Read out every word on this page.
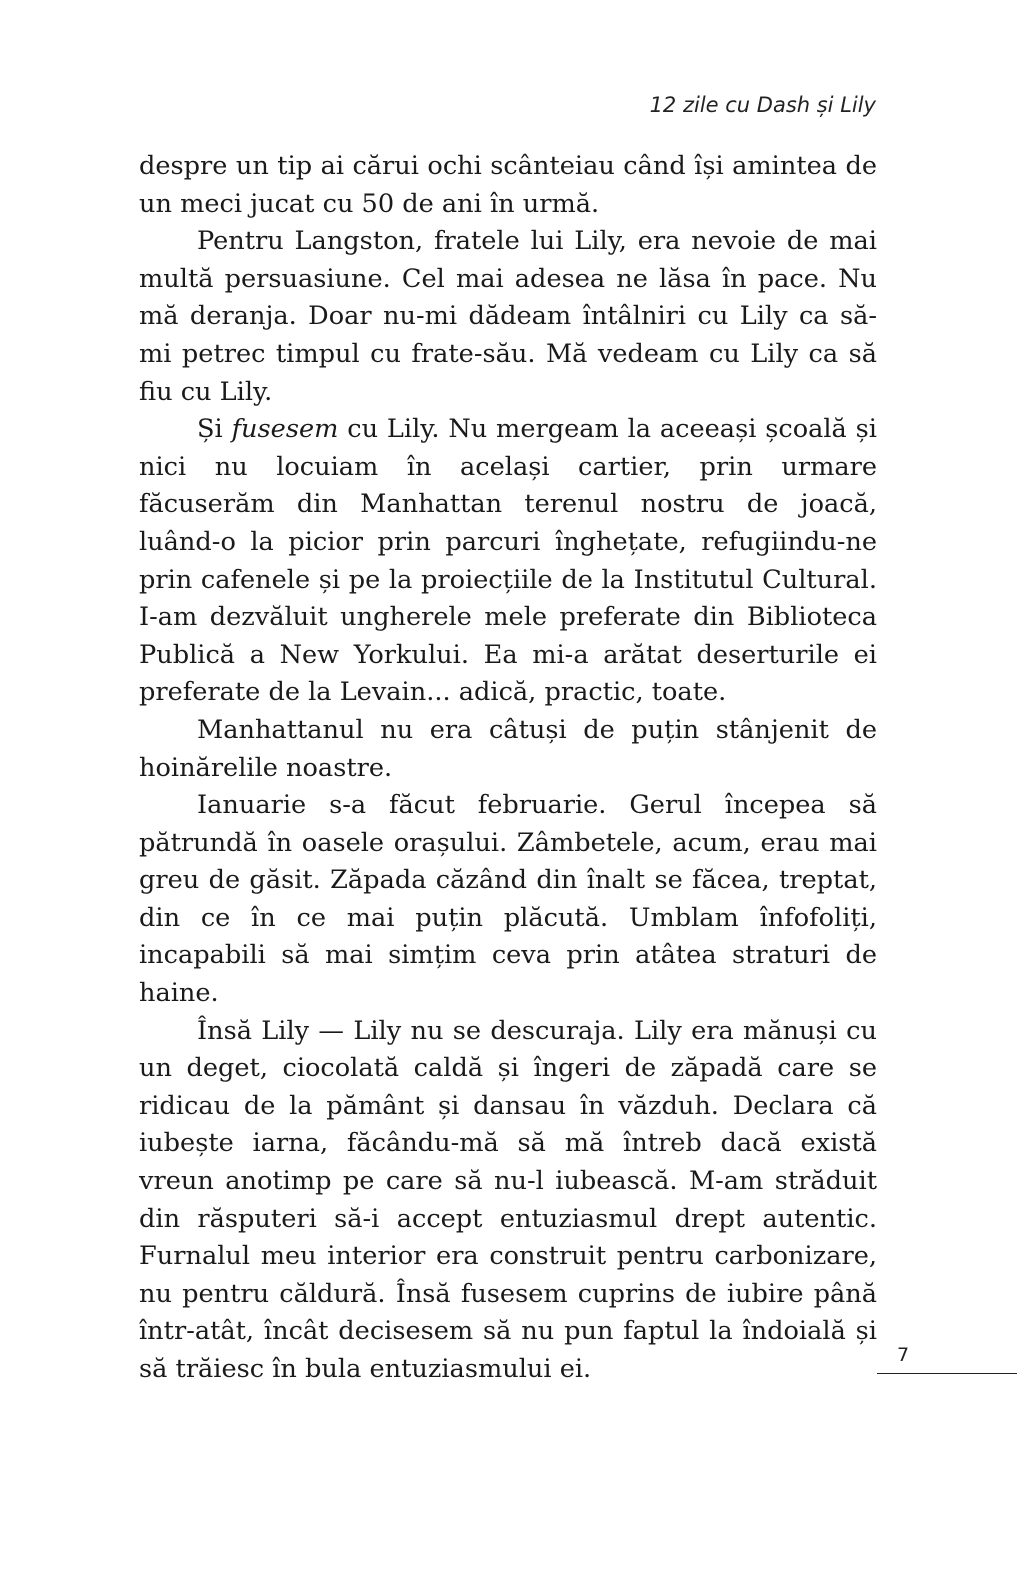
12 zile cu Dash și Lily

despre un tip ai cărui ochi scânteiau când își amintea de un meci jucat cu 50 de ani în urmă.

Pentru Langston, fratele lui Lily, era nevoie de mai multă persuasiune. Cel mai adesea ne lăsa în pace. Nu mă deranja. Doar nu-mi dădeam întâlniri cu Lily ca să-mi petrec timpul cu frate-său. Mă vedeam cu Lily ca să fiu cu Lily.

Și fusesem cu Lily. Nu mergeam la aceeași școală și nici nu locuiam în același cartier, prin urmare făcuserăm din Manhattan terenul nostru de joacă, luând-o la picior prin parcuri înghețate, refugiindu-ne prin cafenele și pe la proiecțiile de la Institutul Cultural. I-am dezvăluit ungherele mele preferate din Biblioteca Publică a New Yorkului. Ea mi-a arătat deserturile ei preferate de la Levain... adică, practic, toate.

Manhattanul nu era câtuși de puțin stânjenit de hoinărelile noastre.

Ianuarie s-a făcut februarie. Gerul începea să pătrundă în oasele orașului. Zâmbetele, acum, erau mai greu de găsit. Zăpada căzând din înalt se făcea, treptat, din ce în ce mai puțin plăcută. Umblam înfofoliți, incapabili să mai simțim ceva prin atâtea straturi de haine.

Însă Lily — Lily nu se descuraja. Lily era mănuși cu un deget, ciocolată caldă și îngeri de zăpadă care se ridicau de la pământ și dansau în văzduh. Declara că iubește iarna, făcându-mă să mă întreb dacă există vreun anotimp pe care să nu-l iubească. M-am străduit din răsputeri să-i accept entuziasmul drept autentic. Furnalul meu interior era construit pentru carbonizare, nu pentru căldură. Însă fusesem cuprins de iubire până într-atât, încât decisesem să nu pun faptul la îndoială și să trăiesc în bula entuziasmului ei.	7
